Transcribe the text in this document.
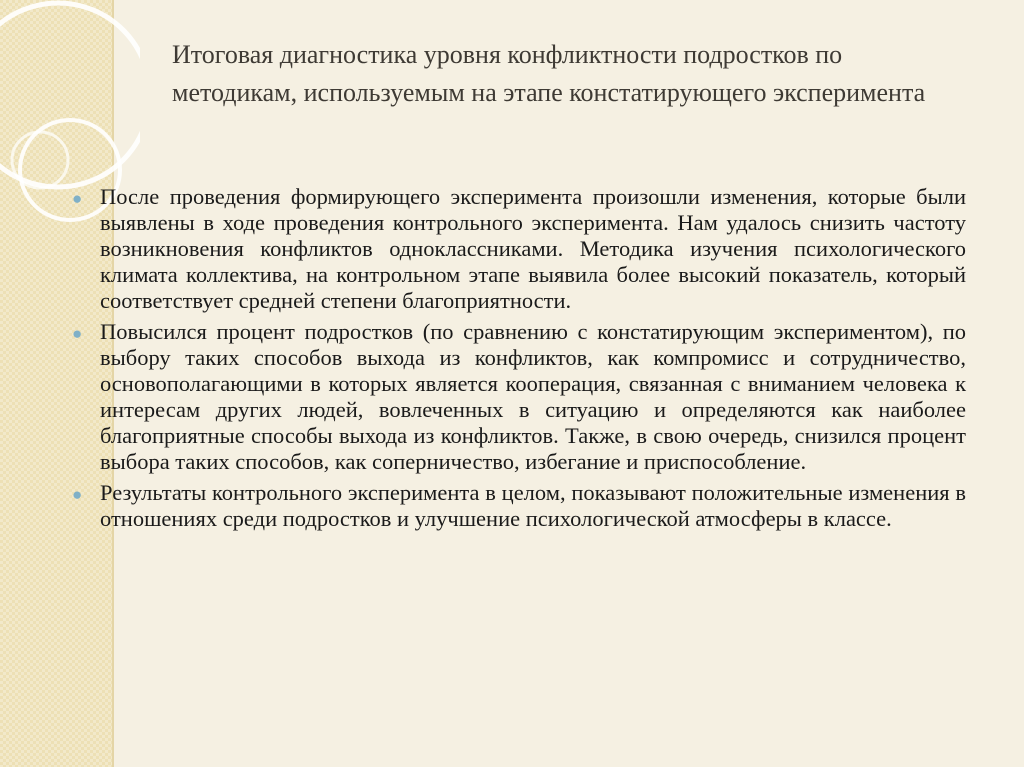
Итоговая диагностика уровня конфликтности подростков по методикам, используемым на этапе констатирующего эксперимента
● После проведения формирующего эксперимента произошли изменения, которые были выявлены в ходе проведения контрольного эксперимента. Нам удалось снизить частоту возникновения конфликтов одноклассниками. Методика изучения психологического климата коллектива, на контрольном этапе выявила более высокий показатель, который соответствует средней степени благоприятности.
● Повысился процент подростков (по сравнению с констатирующим экспериментом), по выбору таких способов выхода из конфликтов, как компромисс и сотрудничество, основополагающими в которых является кооперация, связанная с вниманием человека к интересам других людей, вовлеченных в ситуацию и определяются как наиболее благоприятные способы выхода из конфликтов. Также, в свою очередь, снизился процент выбора таких способов, как соперничество, избегание и приспособление.
● Результаты контрольного эксперимента в целом, показывают положительные изменения в отношениях среди подростков и улучшение психологической атмосферы в классе.
